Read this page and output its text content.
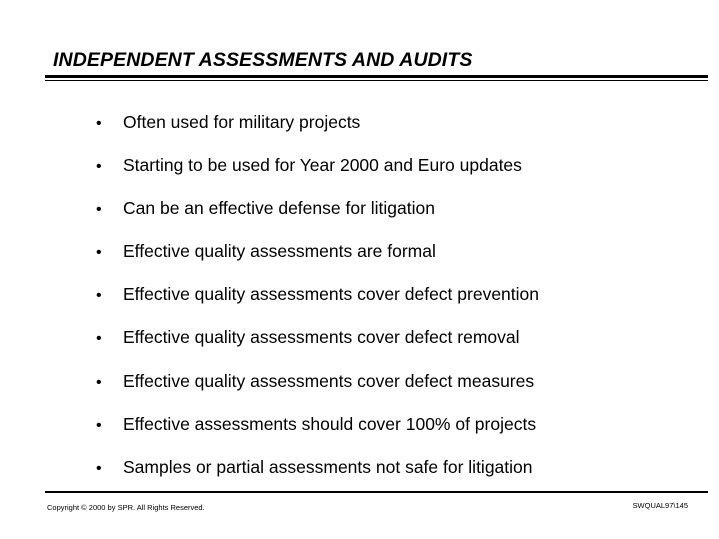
INDEPENDENT ASSESSMENTS AND AUDITS
• Often used for military projects
• Starting to be used for Year 2000 and Euro updates
• Can be an effective defense for litigation
• Effective quality assessments are formal
• Effective quality assessments cover defect prevention
• Effective quality assessments cover defect removal
• Effective quality assessments cover defect measures
• Effective assessments should cover 100% of projects
• Samples or partial assessments not safe for litigation
Copyright © 2000 by SPR. All Rights Reserved.	SWQUAL97\145
